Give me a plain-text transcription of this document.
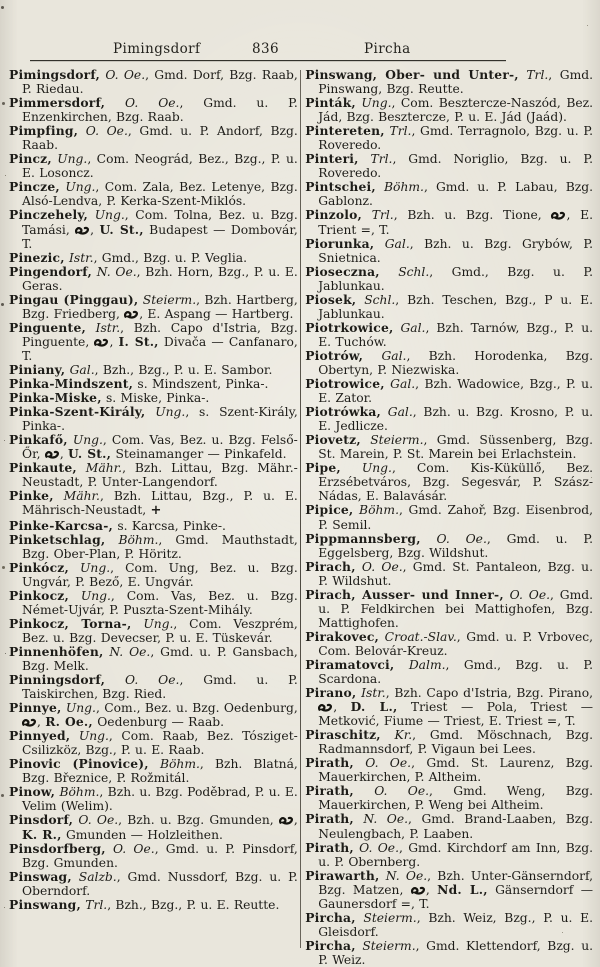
Pimingsdorf	836	Pircha

Pimingsdorf, O. Oe., Gmd. Dorf, Bzg. Raab, P. Riedau.

Pimmersdorf, O. Oe., Gmd. u. P. Enzenkirchen, Bzg. Raab.

Pimpfing, O. Oe., Gmd. u. P. Andorf, Bzg. Raab.

Pincz, Ung., Com. Neográd, Bez., Bzg., P. u. E. Losoncz.

Pincze, Ung., Com. Zala, Bez. Letenye, Bzg. Alsó-Lendva, P. Kerka-Szent-Miklós.

Pinczehely, Ung., Com. Tolna, Bez. u. Bzg. Tamási,
, U. St., Budapest — Dombovár, T.

Pinezic, Istr., Gmd., Bzg. u. P. Veglia.

Pingendorf, N. Oe., Bzh. Horn, Bzg., P. u. E. Geras.

Pingau (Pinggau), Steierm., Bzh. Hartberg, Bzg. Friedberg,
, E. Aspang — Hartberg.

Pinguente, Istr., Bzh. Capo d'Istria, Bzg. Pinguente,
, I. St., Divača — Canfanaro, T.

Piniany, Gal., Bzh., Bzg., P. u. E. Sambor.

Pinka-Mindszent, s. Mindszent, Pinka-.

Pinka-Miske, s. Miske, Pinka-.

Pinka-Szent-Király, Ung., s. Szent-Király, Pinka-.

Pinkafő, Ung., Com. Vas, Bez. u. Bzg. Felső-Őr,
, U. St., Steinamanger — Pinkafeld.

Pinkaute, Mähr., Bzh. Littau, Bzg. Mähr.-Neustadt, P. Unter-Langendorf.

Pinke, Mähr., Bzh. Littau, Bzg., P. u. E. Mährisch-Neustadt, +

Pinke-Karcsa-, s. Karcsa, Pinke-.

Pinketschlag, Böhm., Gmd. Mauthstadt, Bzg. Ober-Plan, P. Höritz.

Pinkócz, Ung., Com. Ung, Bez. u. Bzg. Ungvár, P. Bező, E. Ungvár.

Pinkocz, Ung., Com. Vas, Bez. u. Bzg. Német-Ujvár, P. Puszta-Szent-Mihály.

Pinkocz, Torna-, Ung., Com. Veszprém, Bez. u. Bzg. Devecser, P. u. E. Tüskevár.

Pinnenhöfen, N. Oe., Gmd. u. P. Gansbach, Bzg. Melk.

Pinningsdorf, O. Oe., Gmd. u. P. Taiskirchen, Bzg. Ried.

Pinnye, Ung., Com., Bez. u. Bzg. Oedenburg,
, R. Oe., Oedenburg — Raab.

Pinnyed, Ung., Com. Raab, Bez. Tósziget-Csilizköz, Bzg., P. u. E. Raab.

Pinovic (Pinovice), Böhm., Bzh. Blatná, Bzg. Březnice, P. Rožmitál.

Pinow, Böhm., Bzh. u. Bzg. Poděbrad, P. u. E. Velim (Welim).

Pinsdorf, O. Oe., Bzh. u. Bzg. Gmunden,
, K. R., Gmunden — Holzleithen.

Pinsdorfberg, O. Oe., Gmd. u. P. Pinsdorf, Bzg. Gmunden.

Pinswag, Salzb., Gmd. Nussdorf, Bzg. u. P. Oberndorf.

Pinswang, Trl., Bzh., Bzg., P. u. E. Reutte.

Pinswang, Ober- und Unter-, Trl., Gmd. Pinswang, Bzg. Reutte.

Pinták, Ung., Com. Besztercze-Naszód, Bez. Jád, Bzg. Besztercze, P. u. E. Jád (Jaád).

Pintereten, Trl., Gmd. Terragnolo, Bzg. u. P. Roveredo.

Pinteri, Trl., Gmd. Noriglio, Bzg. u. P. Roveredo.

Pintschei, Böhm., Gmd. u. P. Labau, Bzg. Gablonz.

Pinzolo, Trl., Bzh. u. Bzg. Tione,
, E. Trient =, T.

Piorunka, Gal., Bzh. u. Bzg. Grybów, P. Snietnica.

Pioseczna, Schl., Gmd., Bzg. u. P. Jablunkau.

Piosek, Schl., Bzh. Teschen, Bzg., P u. E. Jablunkau.

Piotrkowice, Gal., Bzh. Tarnów, Bzg., P. u. E. Tuchów.

Piotrów, Gal., Bzh. Horodenka, Bzg. Obertyn, P. Niezwiska.

Piotrowice, Gal., Bzh. Wadowice, Bzg., P. u. E. Zator.

Piotrówka, Gal., Bzh. u. Bzg. Krosno, P. u. E. Jedlicze.

Piovetz, Steierm., Gmd. Süssenberg, Bzg. St. Marein, P. St. Marein bei Erlachstein.

Pipe, Ung., Com. Kis-Küküllő, Bez. Erzsébetváros, Bzg. Segesvár, P. Szász-Nádas, E. Balavásár.

Pipice, Böhm., Gmd. Zahoř, Bzg. Eisenbrod, P. Semil.

Pippmannsberg, O. Oe., Gmd. u. P. Eggelsberg, Bzg. Wildshut.

Pirach, O. Oe., Gmd. St. Pantaleon, Bzg. u. P. Wildshut.

Pirach, Ausser- und Inner-, O. Oe., Gmd. u. P. Feldkirchen bei Mattighofen, Bzg. Mattighofen.

Pirakovec, Croat.-Slav., Gmd. u. P. Vrbovec, Com. Belovár-Kreuz.

Piramatovci, Dalm., Gmd., Bzg. u. P. Scardona.

Pirano, Istr., Bzh. Capo d'Istria, Bzg. Pirano,
, D. L., Triest — Pola, Triest — Metković, Fiume — Triest, E. Triest =, T.

Piraschitz, Kr., Gmd. Möschnach, Bzg. Radmannsdorf, P. Vigaun bei Lees.

Pirath, O. Oe., Gmd. St. Laurenz, Bzg. Mauerkirchen, P. Altheim.

Pirath, O. Oe., Gmd. Weng, Bzg. Mauerkirchen, P. Weng bei Altheim.

Pirath, N. Oe., Gmd. Brand-Laaben, Bzg. Neulengbach, P. Laaben.

Pirath, O. Oe., Gmd. Kirchdorf am Inn, Bzg. u. P. Obernberg.

Pirawarth, N. Oe., Bzh. Unter-Gänserndorf, Bzg. Matzen,
, Nd. L., Gänserndorf — Gaunersdorf =, T.

Pircha, Steierm., Bzh. Weiz, Bzg., P. u. E. Gleisdorf.

Pircha, Steierm., Gmd. Klettendorf, Bzg. u. P. Weiz.
